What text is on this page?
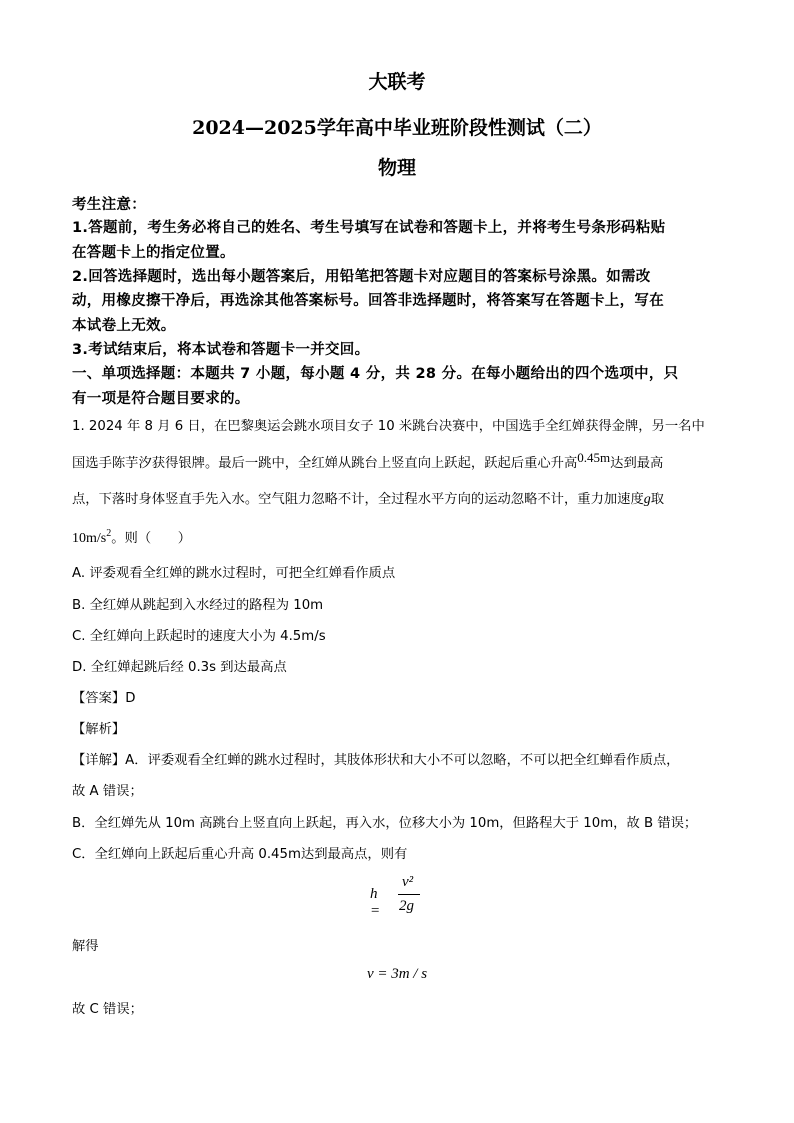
大联考
2024—2025学年高中毕业班阶段性测试（二）
物理
考生注意：
1.答题前，考生务必将自己的姓名、考生号填写在试卷和答题卡上，并将考生号条形码粘贴
在答题卡上的指定位置。
2.回答选择题时，选出每小题答案后，用铅笔把答题卡对应题目的答案标号涂黑。如需改
动，用橡皮擦干净后，再选涂其他答案标号。回答非选择题时，将答案写在答题卡上，写在
本试卷上无效。
3.考试结束后，将本试卷和答题卡一并交回。
一、单项选择题：本题共 7 小题，每小题 4 分，共 28 分。在每小题给出的四个选项中，只
有一项是符合题目要求的。
1. 2024 年 8 月 6 日，在巴黎奥运会跳水项目女子 10 米跳台决赛中，中国选手全红婵获得金牌，另一名中
国选手陈芋汐获得银牌。最后一跳中，全红婵从跳台上竖直向上跃起，跃起后重心升高0.45m达到最高
点，下落时身体竖直手先入水。空气阻力忽略不计，全过程水平方向的运动忽略不计，重力加速度g取
$10m/s^2$。则（　　）
A. 评委观看全红婵的跳水过程时，可把全红婵看作质点
B. 全红婵从跳起到入水经过的路程为 10m
C. 全红婵向上跃起时的速度大小为 4.5m/s
D. 全红婵起跳后经 0.3s 到达最高点
【答案】D
【解析】
【详解】A．评委观看全红蝉的跳水过程时，其肢体形状和大小不可以忽略，不可以把全红蝉看作质点，
故 A 错误；
B．全红婵先从 10m 高跳台上竖直向上跃起，再入水，位移大小为 10m，但路程大于 10m，故 B 错误；
C．全红婵向上跃起后重心升高 0.45m达到最高点，则有
h =
v²
2g
解得
v = 3m / s
故 C 错误；
